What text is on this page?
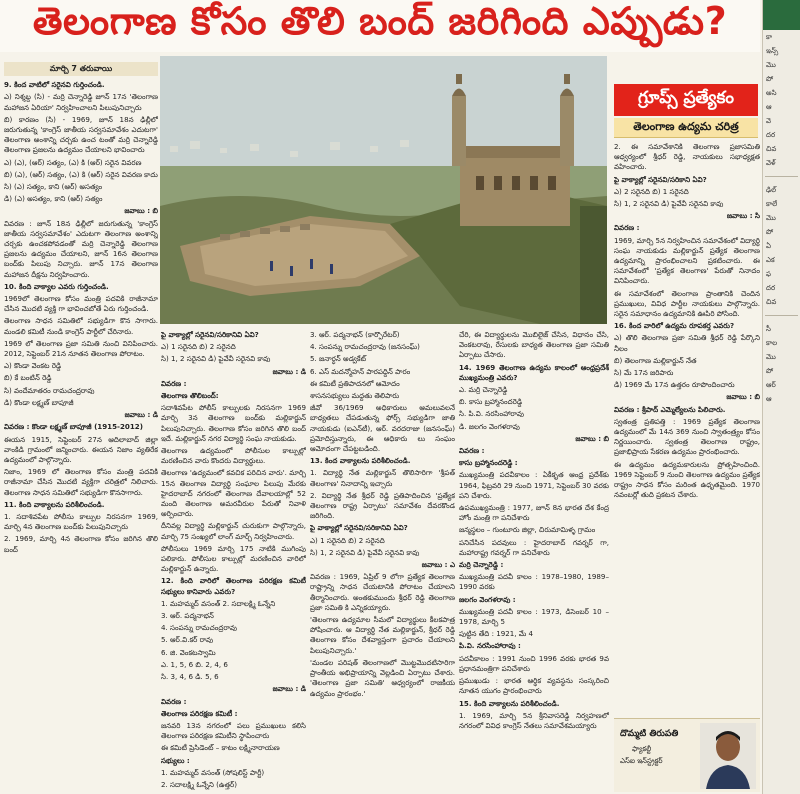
తెలంగాణ కోసం తొలి బంద్ జరిగింది ఎప్పుడు?
గ్రూప్స్ ప్రత్యేకం
తెలంగాణ ఉద్యమ చరిత్ర
మార్చి 7 తరువాయి

9. కింద వాటిలో సరైనవి గుర్తించండి.

ఎ) నిశ్శబ్ద (సి) - మర్రి చెన్నారెడ్డి జూన్ 17న 'తెలంగాణ మహాజన ఏరియా' నిర్వహించాలని పిలుపునిచ్చారు

బి) కారణం (సి) - 1969, జూన్ 18న ఢిల్లీలో జరుగుతున్న 'కాంగ్రెస్ జాతీయ సర్వసమావేశం ఎదుటగా' తెలంగాణ అంశాన్ని చర్చకు ఉంచ టంతో మర్రి చెన్నారెడ్డి తెలంగాణ ప్రజలను ఉద్యమం చేయాలని భావించారు

ఎ) (ఎ), (ఆర్) సత్యం, (ఎ) కి (ఆర్) సరైన వివరణ

బి) (ఎ), (ఆర్) సత్యం, (ఎ) కి (ఆర్) సరైన వివరణ కాదు

సి) (ఎ) సత్యం, కాని (ఆర్) అసత్యం

డి) (ఎ) అసత్యం, కాని (ఆర్) సత్యం

జవాబు : బి

వివరణ : జూన్ 18న ఢిల్లీలో జరుగుతున్న 'కాంగ్రెస్ జాతీయ సర్వసమావేశం' ఎదుటగా తెలంగాణ అంశాన్ని చర్చకు ఉంచకపోవడంతో మర్రి చెన్నారెడ్డి తెలంగాణ ప్రజలను ఉద్యమం చేయాలని, జూన్ 16న తెలంగాణ బంద్‌కు పిలుపు నిచ్చారు. జూన్ 17న తెలంగాణ మహాజన దీక్షను నిర్వహించారు.

10. కింది వాక్యాల ఎవరు గుర్తించండి.

1969లో తెలంగాణ కోసం మంత్రి పదవికి రాజీనామా చేసిన మొదటి వ్యక్తి గా భావించబోతే ఏరు గుర్తించండి.

తెలంగాణ సాధన సమితిలో సభ్యుడిగా కొన సాగారు. మండలి కమిటీ నుండి కాంగ్రెస్ పార్టీలో చేరినారు.

1969 లో తెలంగాణ ప్రజా సమితి నుంచి వినిపించారు. 2012, సెప్టెంబర్ 21న నూతన తెలంగాణ పోరాటం.

ఎ) కొండా వెంకట రెడ్డి

బి) కే బంటిన్ రెడ్డి

సి) వందేమాతరం రామచంద్రరావు

డి) కొండా లక్ష్మణ్ బాపూజీ

జవాబు : డి

వివరణ : కొండా లక్ష్మణ్ బాపూజీ (1915-2012)

ఈయన 1915, సెప్టెంబర్ 27న ఆదిలాబాద్ జిల్లా వాంకిడి గ్రామంలో జన్మించారు. ఈయన నిజాం వ్యతిరేక ఉద్యమంలో పాల్గొన్నారు.

నిజాం, 1969 లో తెలంగాణ కోసం మంత్రి పదవికి రాజీనామా చేసిన మొదటి వ్యక్తిగా చరిత్రలో నిలిచారు. తెలంగాణ సాధన సమితిలో సభ్యుడిగా కొనసాగారు.

11. కింది వాక్యాలను పరిశీలించండి.

1. సదాశివపేట పోలీసు కాల్పుల నిరసనగా 1969, మార్చి 4న తెలంగాణ బంద్‌కు పిలుపునిచ్చారు

2. 1969, మార్చి 4న తెలంగాణ కోసం జరిగిన తొలి బంద్

పై వాక్యాల్లో సరైనవి/సరికానివి ఏవి?

ఎ) 1 సరైనది బి) 2 సరైనది

సి) 1, 2 సరైనవి డి) పైవేవీ సరైనవి కావు

జవాబు : డి

వివరణ :

తెలంగాణ తొలిబంద్:

సదాశివపేట పోలీస్ కాల్పులకు నిరసనగా 1969 మార్చి 3న తెలంగాణ బంద్‌కు మల్లికార్జున్ పిలుపునిచ్చారు. తెలంగాణ కోసం జరిగిన తొలి బంద్ ఇదే. మల్లికార్జున్ నగర విద్యార్థి సంఘ నాయకుడు.

తెలంగాణ ఉద్యమంలో పోలీసుల కాల్పుల్లో మరణించిన వారు కొందరు విద్యార్థులు.

తెలంగాణ 'ఉద్యమంలో కవచిక పరిచిన వారు'. మార్చి 15న తెలంగాణ విద్యార్థి సంఘాల పిలుపు మేరకు హైదరాబాద్ నగరంలో తెలంగాణ దేవాలయాల్లో 52 మంది తెలంగాణ అమరవీరుల పేరుతో నివాళి అర్పించారు.

దీనివల్ల విద్యార్థి మల్లికార్జున్ చురుకుగా పాల్గొన్నారు, మార్చి 75 సంఖ్యలో లాంగ్ మార్చ్ నిర్వహించారు.

పోలీసులు 1969 మార్చి 175 నాటికి ముగింపు పలికారు. పోలీసుల కాల్పుల్లో మరణించిన వారిలో మల్లికార్జున్ ఉన్నారు.

12. కింది వారిలో తెలంగాణ పరిరక్షణ కమిటీ సభ్యులు కానివారు ఎవరు?

1. మహమ్మద్ వసంత్ 2. సదాలక్ష్మి ఓన్నేని

3. ఆర్. పద్మనాభన్

4. సంపన్ను రామచంద్రరావు

5. ఆర్.వి.కర్ రావు

6. జి. వెంకటస్వామి

ఎ. 1, 5, 6 బి. 2, 4, 6

సి. 3, 4, 6 డి. 5, 6

జవాబు : డి

వివరణ :

తెలంగాణ పరిరక్షణ కమిటీ :

జనవరి 13న నగరంలో పలు ప్రముఖులు కలిసి తెలంగాణ పరిరక్షణ కమిటీని స్థాపించారు

ఈ కమిటీ ప్రెసిడెంట్ – కాటం లక్ష్మినారాయణ

సభ్యులు :

1. మహమ్మద్ వసంత్ (సోషలిస్ట్ పార్టీ)

2. సదాలక్ష్మి ఓన్నేని (ఉత్తర్)

3. ఆర్. పద్మనాభన్ (కార్పొరేటర్)

4. సంపన్ను రామచంద్రరావు (జనసంఘ్)

5. జనార్ధన్ అడ్వకేట్

6. ఎస్ మదన్మోహన్ పారపద్దిన్ పారం

ఈ కమిటీ ప్రతిపాదనలో ఆమోదం

శాసనసభ్యులు మద్దతు తెలిపారు

జీవో 36/1969 అధికారులు ఆమలువలనే బాధ్యతలు చేపడుతున్న ఫోర్స్ సభ్యుడిగా జాతి నాయకుడు (ఐఎన్‌టీ), ఆర్. వరదరాజు (జనసంఘ్) ప్రమోదిస్తున్నారు, ఈ ఆధికారు లు సంఘం ఆమోదంగా చేపట్టబడింది.

13. కింద వాక్యాలను పరిశీలించండి.

1. విద్యార్థి నేత మల్లికార్జున్ తొలిసారిగా 'శ్రీపత్ తెలంగాణ' నినాదాన్ని ఇచ్చారు

2. విద్యార్థి నేత శ్రీధర్ రెడ్డి ప్రతిపాదించిన 'ప్రత్యేక తెలంగాణ రాష్ట్ర ఏర్పాటు' సమావేశం దేవరకొండ జరిగింది.

పై వాక్యాల్లో సరైనవి/సరికానివి ఏవి?

ఎ) 1 సరైనది బి) 2 సరైనది

సి) 1, 2 సరైనవి డి) పైవేవీ సరైనవి కావు

జవాబు : ఎ

వివరణ : 1969, ఏప్రిల్ 9 లోగా ప్రత్యేక తెలంగాణ రాష్ట్రాన్ని సాధన చేయటానికి పోరాటం చేయాలని తీర్మానించారు. అంతకుముందు శ్రీధర్ రెడ్డి తెలంగాణ ప్రజా సమితి కి ఎన్నికయ్యారు.

'తెలంగాణ ఉద్యమాల సీమలో విద్యార్థులు కీలకపాత్ర పోషించారు. ఆ విద్యార్థి నేత మల్లికార్జున్, శ్రీధర్ రెడ్డి తెలంగాణ కోసం దేశవ్యాప్తంగా ప్రచారం చేయాలని పిలుపునిచ్చారు.'

'మండల పరిషత్ తెలంగాణలో మొట్టమొదటిసారిగా ప్రాంతీయ అభిప్రాయాన్ని వెల్లడించి ఏర్పాటు చేశారు. 'తెలంగాణ ప్రజా సమితి' ఆధ్వర్యంలో రాజకీయ ఉద్యమం ప్రారంభం.'

చేరి, ఈ విద్యార్థులను మొబిలైజ్ చేసిన, విధానం చేసి, వెంకటరావు, రేసులకు బాధ్యత తెలంగాణ ప్రజా సమితి ఏర్పాటు చేసారు.

14. 1969 తెలంగాణ ఉద్యమ కాలంలో ఆంధ్రప్రదేశ్ ముఖ్యమంత్రి ఎవరు?

ఎ. మర్రి చెన్నారెడ్డి

బి. కాసు బ్రహ్మానందరెడ్డి

సి. పి.వి. నరసింహారావు

డి. జలగం వెంగళరావు

జవాబు : బి

వివరణ :

కాసు బ్రహ్మానందరెడ్డి :

ముఖ్యమంత్రి పదవీకాలం : ఏకీకృత ఆంధ్ర ప్రదేశ్‌కు 1964, ఫిబ్రవరి 29 నుంచి 1971, సెప్టెంబర్ 30 వరకు పని చేశారు.

ఉపముఖ్యమంత్రి : 1977, జూన్ 8న భారత దేశ కేంద్ర హోం మంత్రి గా పనిచేశారు

జన్మస్థలం – గుంటూరు జిల్లా, చిరుమామిళ్ళ గ్రామం

పనిచేసిన పదవులు : హైదరాబాద్ గవర్నర్ గా, మహారాష్ట్ర గవర్నర్ గా పనిచేశారు

మర్రి చెన్నారెడ్డి :

ముఖ్యమంత్రి పదవీ కాలం : 1978–1980, 1989–1990 వరకు

జలగం వెంగళరావు :

ముఖ్యమంత్రి పదవీ కాలం : 1973, డిసెంబర్ 10 – 1978, మార్చి 5

పుట్టిన తేది : 1921, మే 4

పి.వి. నరసింహారావు :

పదవీకాలం : 1991 నుంచి 1996 వరకు భారత 9వ ప్రధానమంత్రిగా పనిచేశారు

ప్రముఖుడు : భారత ఆర్థిక వ్యవస్థను సంస్కరించి నూతన యుగం ప్రారంభించారు

15. కింది వాక్యాలను పరిశీలించండి.

1. 1969, మార్చి 5న శ్రీనివాసరెడ్డి నిర్వహణలో నగరంలో వివిధ కాంగ్రెస్ నేతలు సమావేశమయ్యారు

2. ఈ సమావేశానికి తెలంగాణ ప్రజాసమితి ఆధ్వర్యంలో శ్రీధర్ రెడ్డి, నాయకులు సభాధ్యక్షత వహించారు.

పై వాక్యాల్లో సరైనవి/సరికాని ఏవి?

ఎ) 2 సరైనది బి) 1 సరైనది

సి) 1, 2 సరైనవి డి) పైవేవీ సరైనవి కావు

జవాబు : సి

వివరణ :

1969, మార్చి 5న నిర్వహించిన సమావేశంలో విద్యార్థి సంఘ నాయకుడు మల్లికార్జున్ ప్రత్యేక తెలంగాణ ఉద్యమాన్ని ప్రారంభించాలని ప్రకటించారు. ఈ సమావేశంలో 'ప్రత్యేక తెలంగాణ' పేరుతో నినాదం వినిపించారు.

ఈ సమావేశంలో తెలంగాణ ప్రాంతానికి చెందిన ప్రముఖులు, వివిధ పార్టీల నాయకులు పాల్గొన్నారు. సరైన సమాధానం ఉద్యమానికి ఊపిరి పోసింది.

16. కింద వారిలో ఉద్యమ రూపకర్త ఎవరు?

ఎ) తొలి తెలంగాణ ప్రజా సమితి శ్రీధర్ రెడ్డి పేర్కొని నీలం

బి) తెలంగాణ మల్లికార్జున్ నేత

సి) మే 17న జరిపారు

డి) 1969 మే 17న ఉత్తరం రూపొందించారు

జవాబు : బి

వివరణ : శ్రీపాద్ ఎమ్మెల్యేలను పిలిచారు.

స్వతంత్ర ప్రతిపత్తి : 1969 ప్రత్యేక తెలంగాణ ఉద్యమంలో మే 14న 369 నుంచి స్వాతంత్ర్యం కోసం నిర్ణయించారు. స్వతంత్ర తెలంగాణ రాష్ట్రం, ప్రజాభిప్రాయ సేకరణ ఉద్యమం ప్రారంభించారు.

ఈ ఉద్యమం ఉద్యమకారులను ప్రోత్సహించింది. 1969 సెప్టెంబర్ 9 నుంచి తెలంగాణ ఉద్యమం ప్రత్యేక రాష్ట్రం సాధన కోసం మరింత ఉధృతమైంది. 1970 నవంబర్లో తుది ప్రకటన చేశారు.

దొమ్మటి తిరుపతి
ఫ్యాకల్టీ
ఎస్‌ఐ ఇన్‌స్ట్రక్టర్
కా
ఇన్స్
మొ
పో
అసి
ఆ
వె
దర
చివ
వెళ్
ఢిల్
కాలే
మొ
పో
ఏ
ఎక
ఫ
దర
చివ
సీ
కాల
మొ
పో
ఆర్
ఆ
